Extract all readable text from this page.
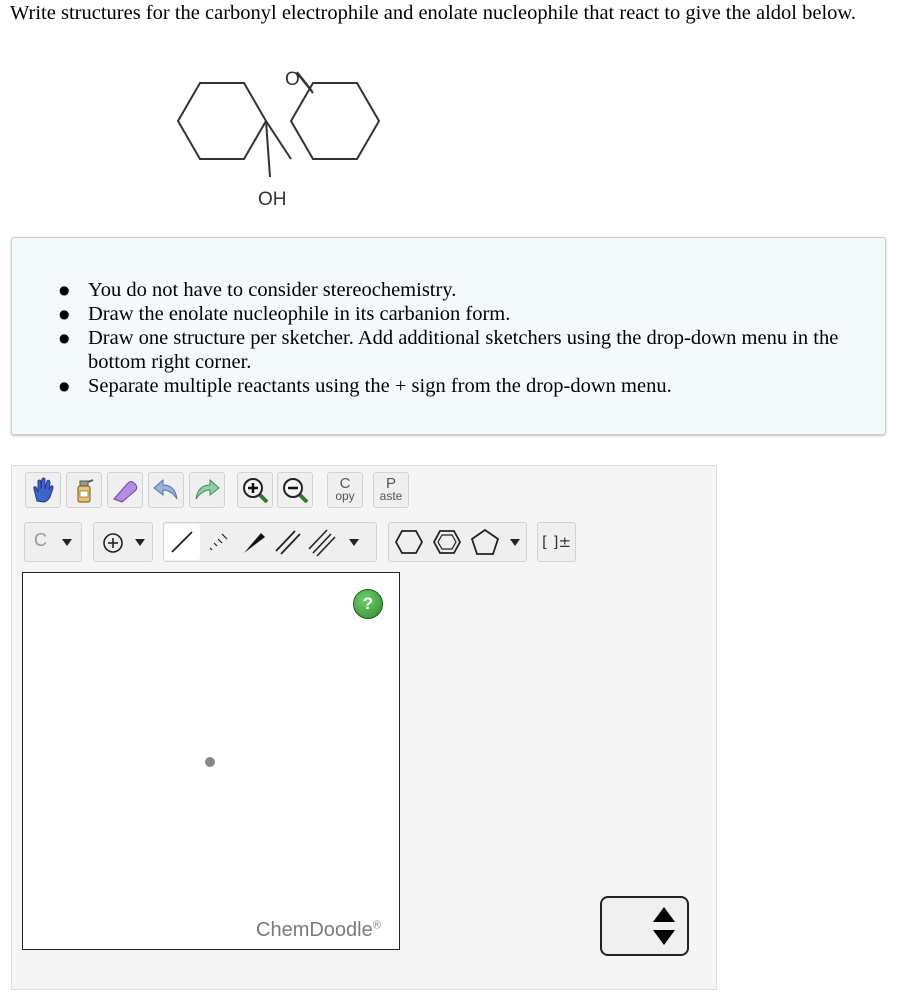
Write structures for the carbonyl electrophile and enolate nucleophile that react to give the aldol below.
O
OH
● You do not have to consider stereochemistry.
● Draw the enolate nucleophile in its carbanion form.
● Draw one structure per sketcher. Add additional sketchers using the drop-down menu in the bottom right corner.
● Separate multiple reactants using the + sign from the drop-down menu.
C
opy
P
aste
C	[ ]±
?
ChemDoodle®
